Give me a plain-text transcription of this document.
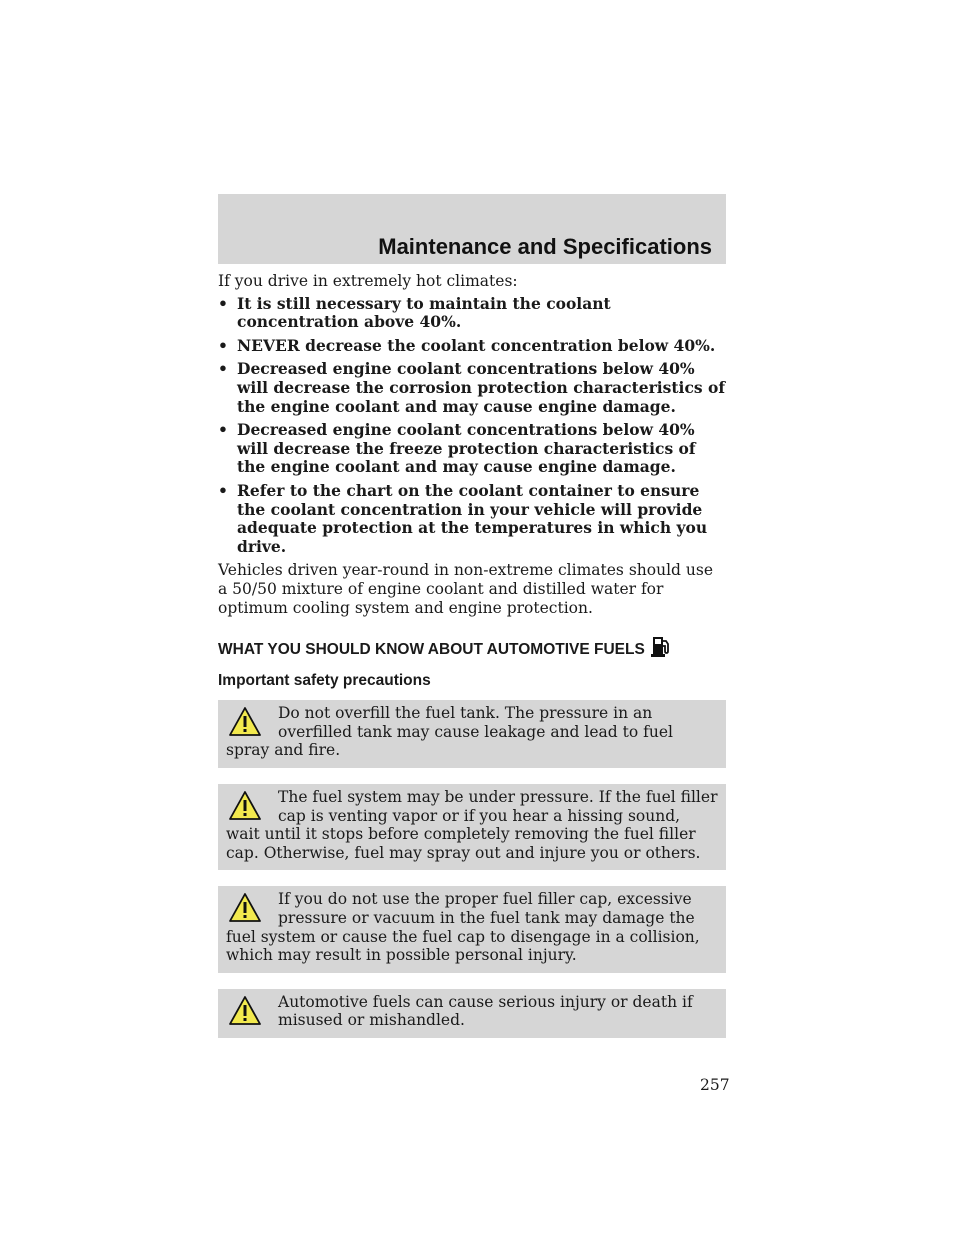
Maintenance and Specifications

If you drive in extremely hot climates:

• It is still necessary to maintain the coolant concentration above 40%.
• NEVER decrease the coolant concentration below 40%.
• Decreased engine coolant concentrations below 40% will decrease the corrosion protection characteristics of the engine coolant and may cause engine damage.
• Decreased engine coolant concentrations below 40% will decrease the freeze protection characteristics of the engine coolant and may cause engine damage.
• Refer to the chart on the coolant container to ensure the coolant concentration in your vehicle will provide adequate protection at the temperatures in which you drive.

Vehicles driven year-round in non-extreme climates should use a 50/50 mixture of engine coolant and distilled water for optimum cooling system and engine protection.

WHAT YOU SHOULD KNOW ABOUT AUTOMOTIVE FUELS
Important safety precautions
Do not overfill the fuel tank. The pressure in an overfilled tank may cause leakage and lead to fuel spray and fire.
The fuel system may be under pressure. If the fuel filler cap is venting vapor or if you hear a hissing sound, wait until it stops before completely removing the fuel filler cap. Otherwise, fuel may spray out and injure you or others.
If you do not use the proper fuel filler cap, excessive pressure or vacuum in the fuel tank may damage the fuel system or cause the fuel cap to disengage in a collision, which may result in possible personal injury.
Automotive fuels can cause serious injury or death if misused or mishandled.
257
